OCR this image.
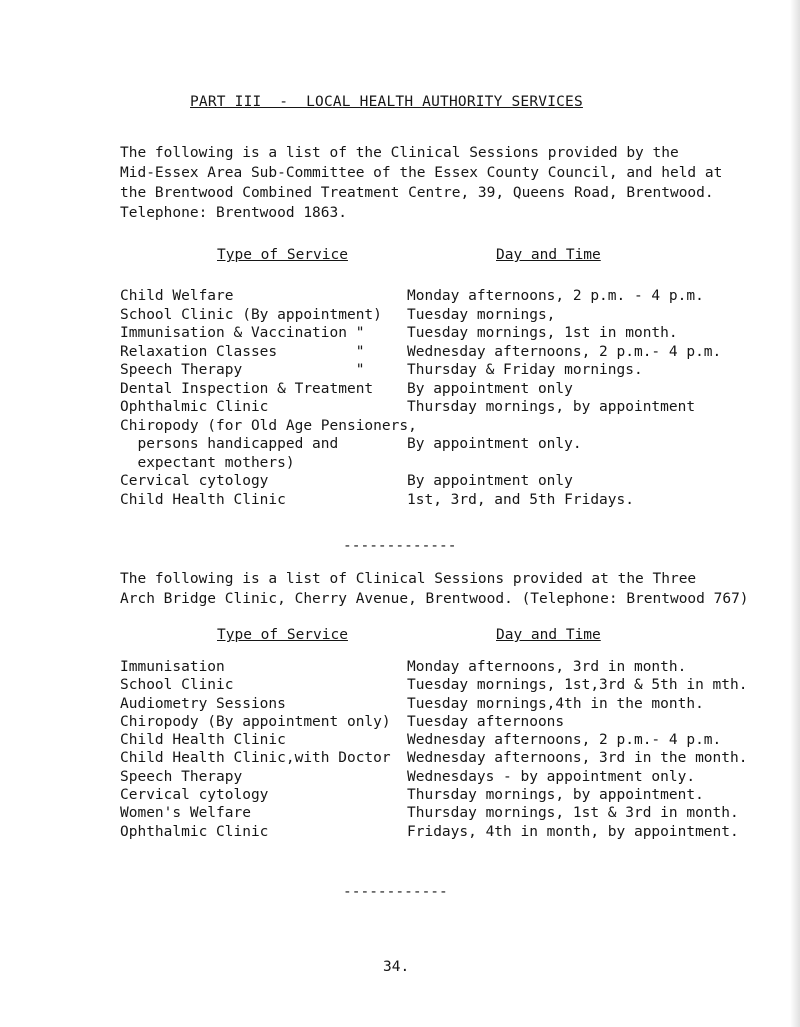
PART III  -  LOCAL HEALTH AUTHORITY SERVICES
The following is a list of the Clinical Sessions provided by the
Mid-Essex Area Sub-Committee of the Essex County Council, and held at
the Brentwood Combined Treatment Centre, 39, Queens Road, Brentwood.
Telephone: Brentwood 1863.
Type of Service	Day and Time
Child Welfare
School Clinic (By appointment)
Immunisation & Vaccination "
Relaxation Classes         "
Speech Therapy             "
Dental Inspection & Treatment
Ophthalmic Clinic
Chiropody (for Old Age Pensioners,
persons handicapped and
expectant mothers)
Cervical cytology
Child Health Clinic
Monday afternoons, 2 p.m. - 4 p.m.
Tuesday mornings,
Tuesday mornings, 1st in month.
Wednesday afternoons, 2 p.m.- 4 p.m.
Thursday & Friday mornings.
By appointment only
Thursday mornings, by appointment
By appointment only.
By appointment only
1st, 3rd, and 5th Fridays.
-------------
The following is a list of Clinical Sessions provided at the Three
Arch Bridge Clinic, Cherry Avenue, Brentwood. (Telephone: Brentwood 767)
Type of Service	Day and Time
Immunisation
School Clinic
Audiometry Sessions
Chiropody (By appointment only)
Child Health Clinic
Child Health Clinic,with Doctor
Speech Therapy
Cervical cytology
Women's Welfare
Ophthalmic Clinic
Monday afternoons, 3rd in month.
Tuesday mornings, 1st,3rd & 5th in mth.
Tuesday mornings,4th in the month.
Tuesday afternoons
Wednesday afternoons, 2 p.m.- 4 p.m.
Wednesday afternoons, 3rd in the month.
Wednesdays - by appointment only.
Thursday mornings, by appointment.
Thursday mornings, 1st & 3rd in month.
Fridays, 4th in month, by appointment.
------------
34.
